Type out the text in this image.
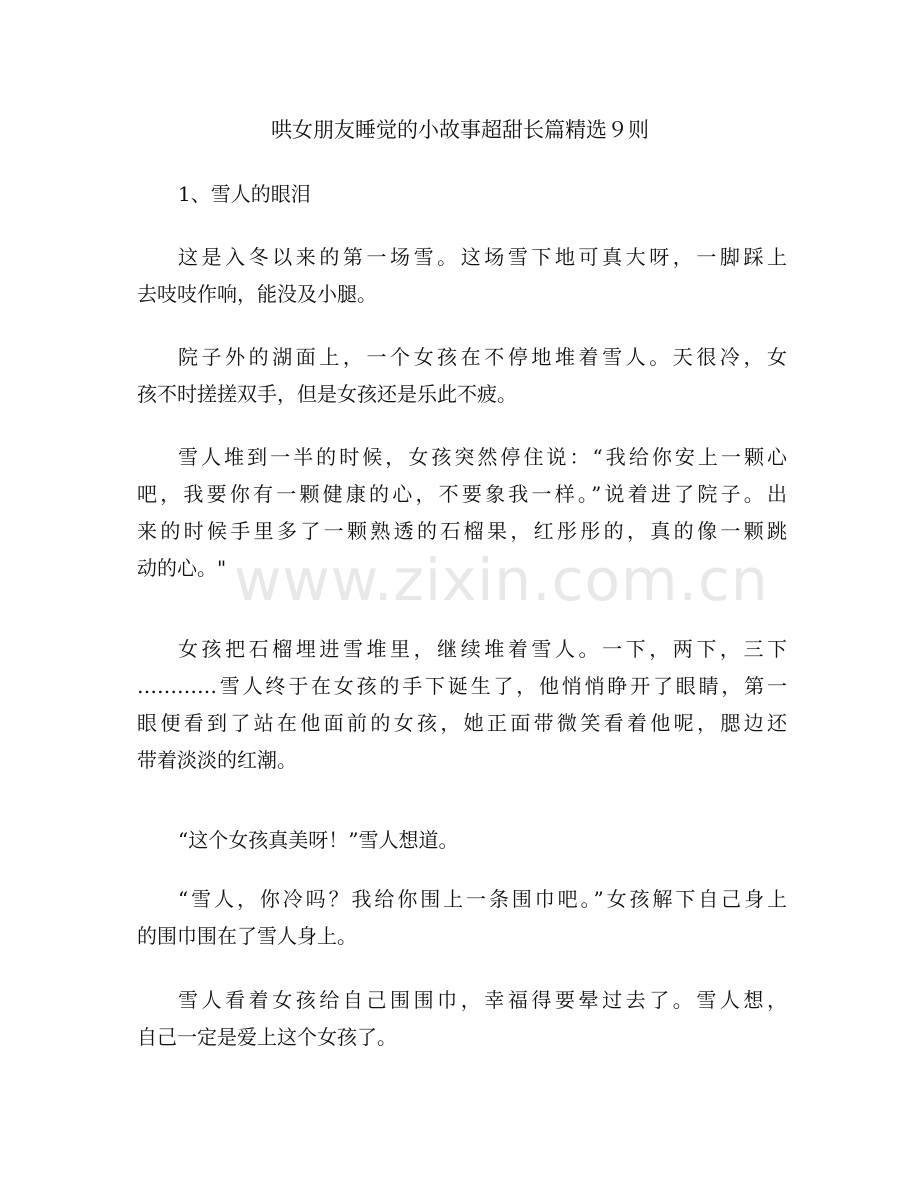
哄女朋友睡觉的小故事超甜长篇精选９则
1、雪人的眼泪
这是入冬以来的第一场雪。这场雪下地可真大呀，一脚踩上
去吱吱作响，能没及小腿。
院子外的湖面上，一个女孩在不停地堆着雪人。天很冷，女
孩不时搓搓双手，但是女孩还是乐此不疲。
雪人堆到一半的时候，女孩突然停住说：“我给你安上一颗心
吧，我要你有一颗健康的心，不要象我一样。”说着进了院子。出
来的时候手里多了一颗熟透的石榴果，红彤彤的，真的像一颗跳
动的心。"
女孩把石榴埋进雪堆里，继续堆着雪人。一下，两下，三下
…………雪人终于在女孩的手下诞生了，他悄悄睁开了眼睛，第一
眼便看到了站在他面前的女孩，她正面带微笑看着他呢，腮边还
带着淡淡的红潮。
“这个女孩真美呀！”雪人想道。
“雪人，你冷吗？我给你围上一条围巾吧。”女孩解下自己身上
的围巾围在了雪人身上。
雪人看着女孩给自己围围巾，幸福得要晕过去了。雪人想，
自己一定是爱上这个女孩了。
www.zixin.com.cn
